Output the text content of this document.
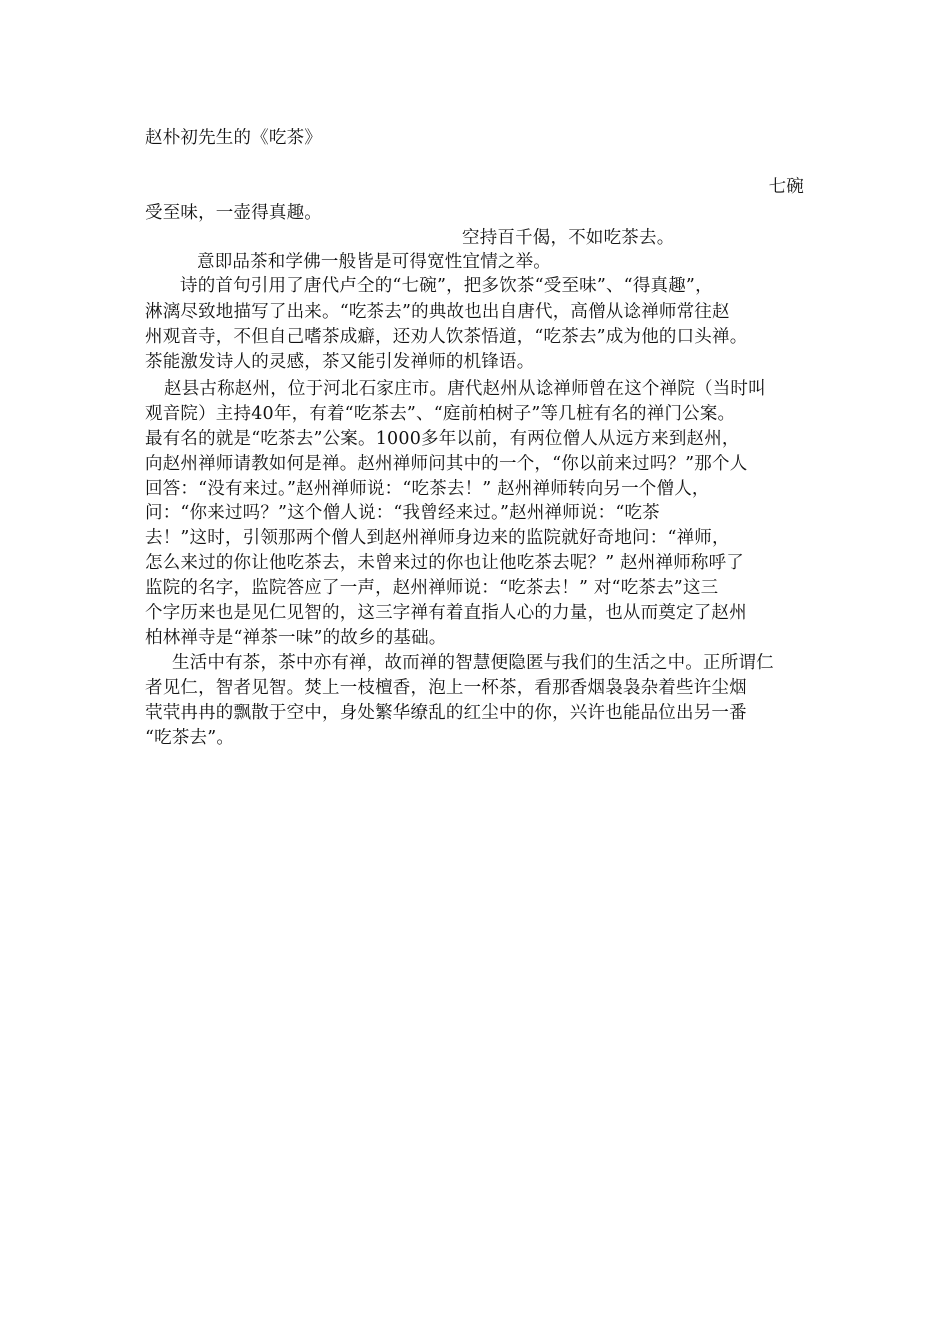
赵朴初先生的《吃茶》
七碗
受至味，一壶得真趣。
空持百千偈，不如吃茶去。
意即品茶和学佛一般皆是可得宽性宜情之举。
诗的首句引用了唐代卢仝的“七碗”，把多饮茶“受至味”、“得真趣”，
淋漓尽致地描写了出来。“吃茶去”的典故也出自唐代，高僧从谂禅师常往赵
州观音寺，不但自己嗜茶成癖，还劝人饮茶悟道，“吃茶去”成为他的口头禅。
茶能激发诗人的灵感，茶又能引发禅师的机锋语。
赵县古称赵州，位于河北石家庄市。唐代赵州从谂禅师曾在这个禅院（当时叫
观音院）主持40年，有着“吃茶去”、“庭前柏树子”等几桩有名的禅门公案。
最有名的就是“吃茶去”公案。1000多年以前，有两位僧人从远方来到赵州，
向赵州禅师请教如何是禅。赵州禅师问其中的一个，“你以前来过吗？”那个人
回答：“没有来过。”赵州禅师说：“吃茶去！” 赵州禅师转向另一个僧人，
问：“你来过吗？”这个僧人说：“我曾经来过。”赵州禅师说：“吃茶
去！”这时，引领那两个僧人到赵州禅师身边来的监院就好奇地问：“禅师，
怎么来过的你让他吃茶去，未曾来过的你也让他吃茶去呢？” 赵州禅师称呼了
监院的名字，监院答应了一声，赵州禅师说：“吃茶去！” 对“吃茶去”这三
个字历来也是见仁见智的，这三字禅有着直指人心的力量，也从而奠定了赵州
柏林禅寺是“禅茶一味”的故乡的基础。
生活中有茶，茶中亦有禅，故而禅的智慧便隐匿与我们的生活之中。正所谓仁
者见仁，智者见智。焚上一枝檀香，泡上一杯茶，看那香烟袅袅杂着些许尘烟
茕茕冉冉的飘散于空中，身处繁华缭乱的红尘中的你，兴许也能品位出另一番
“吃茶去”。
